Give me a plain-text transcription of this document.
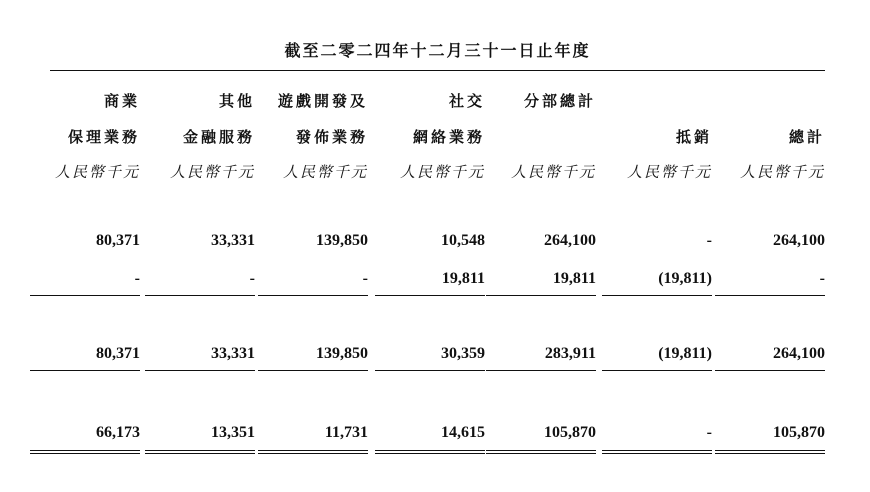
截至二零二四年十二月三十一日止年度
商業
保理業務
人民幣千元
80,371
-
80,371
66,173
其他
金融服務
人民幣千元
33,331
-
33,331
13,351
遊戲開發及
發佈業務
人民幣千元
139,850
-
139,850
11,731
社交
網絡業務
人民幣千元
10,548
19,811
30,359
14,615
分部總計
人民幣千元
264,100
19,811
283,911
105,870
抵銷
人民幣千元
-
(19,811)
(19,811)
-
總計
人民幣千元
264,100
-
264,100
105,870
